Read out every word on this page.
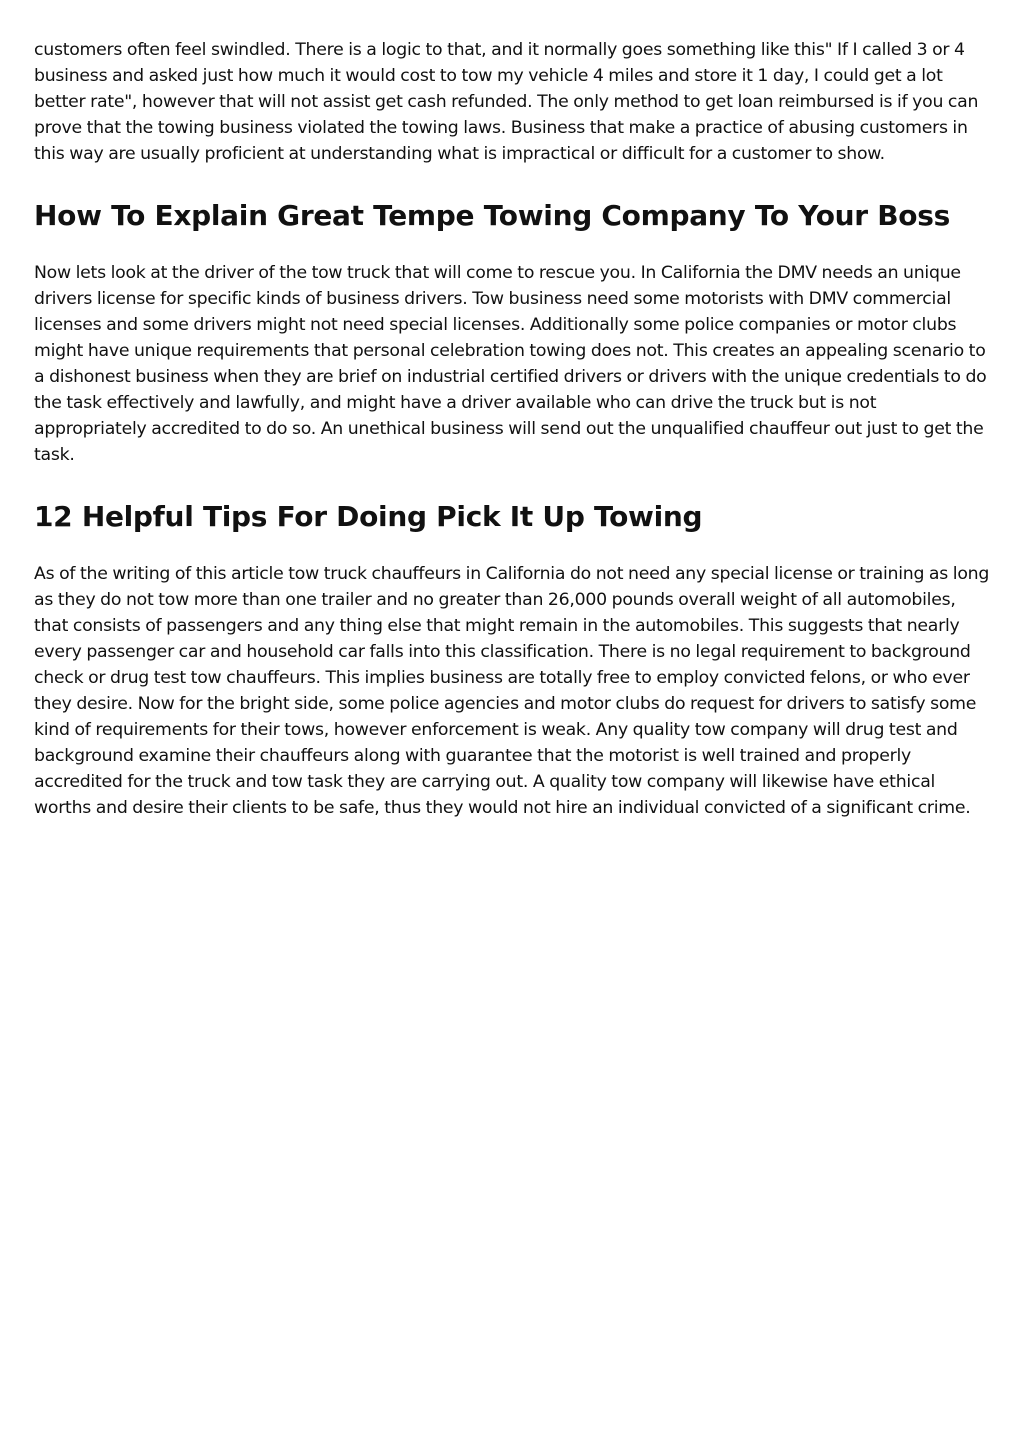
customers often feel swindled. There is a logic to that, and it normally goes something like this" If I called 3 or 4 business and asked just how much it would cost to tow my vehicle 4 miles and store it 1 day, I could get a lot better rate", however that will not assist get cash refunded. The only method to get loan reimbursed is if you can prove that the towing business violated the towing laws. Business that make a practice of abusing customers in this way are usually proficient at understanding what is impractical or difficult for a customer to show.

How To Explain Great Tempe Towing Company To Your Boss

Now lets look at the driver of the tow truck that will come to rescue you. In California the DMV needs an unique drivers license for specific kinds of business drivers. Tow business need some motorists with DMV commercial licenses and some drivers might not need special licenses. Additionally some police companies or motor clubs might have unique requirements that personal celebration towing does not. This creates an appealing scenario to a dishonest business when they are brief on industrial certified drivers or drivers with the unique credentials to do the task effectively and lawfully, and might have a driver available who can drive the truck but is not appropriately accredited to do so. An unethical business will send out the unqualified chauffeur out just to get the task.

12 Helpful Tips For Doing Pick It Up Towing

As of the writing of this article tow truck chauffeurs in California do not need any special license or training as long as they do not tow more than one trailer and no greater than 26,000 pounds overall weight of all automobiles, that consists of passengers and any thing else that might remain in the automobiles. This suggests that nearly every passenger car and household car falls into this classification. There is no legal requirement to background check or drug test tow chauffeurs. This implies business are totally free to employ convicted felons, or who ever they desire. Now for the bright side, some police agencies and motor clubs do request for drivers to satisfy some kind of requirements for their tows, however enforcement is weak. Any quality tow company will drug test and background examine their chauffeurs along with guarantee that the motorist is well trained and properly accredited for the truck and tow task they are carrying out. A quality tow company will likewise have ethical worths and desire their clients to be safe, thus they would not hire an individual convicted of a significant crime.
